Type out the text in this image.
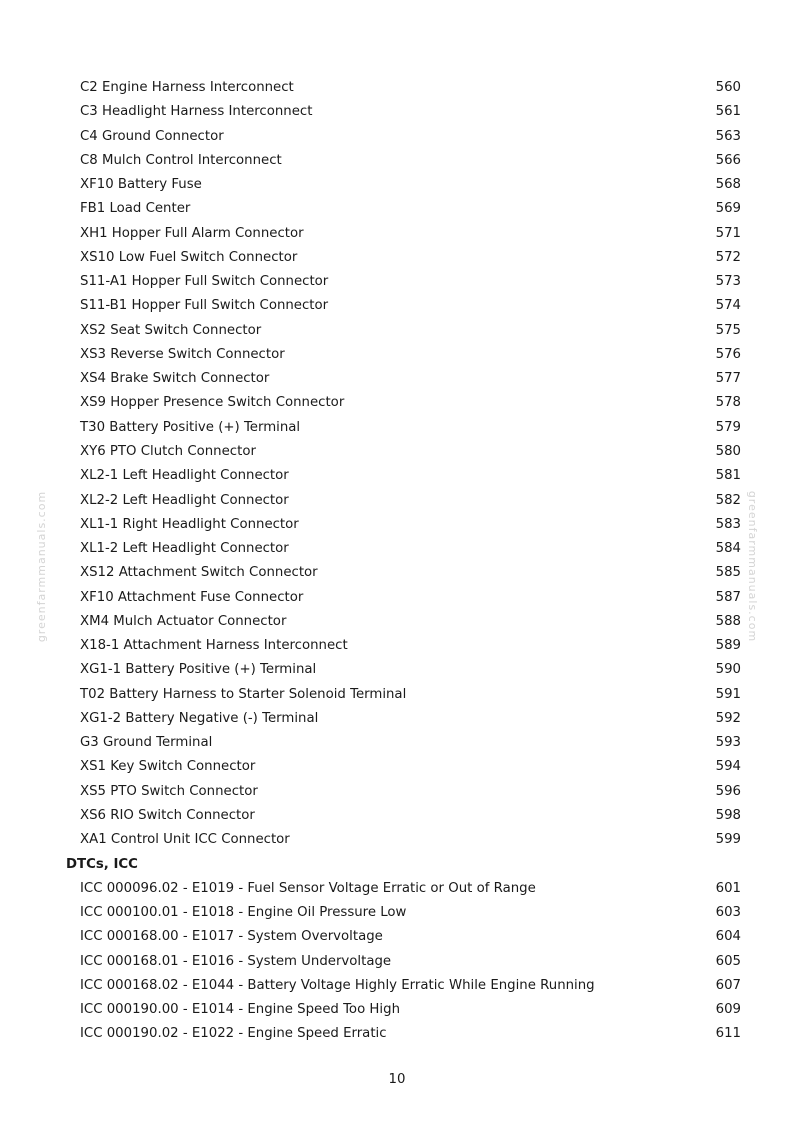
greenfarmmanuals.com	greenfarmmanuals.com
C2 Engine Harness Interconnect	560
C3 Headlight Harness Interconnect	561
C4 Ground Connector	563
C8 Mulch Control Interconnect	566
XF10 Battery Fuse	568
FB1 Load Center	569
XH1 Hopper Full Alarm Connector	571
XS10 Low Fuel Switch Connector	572
S11-A1 Hopper Full Switch Connector	573
S11-B1 Hopper Full Switch Connector	574
XS2 Seat Switch Connector	575
XS3 Reverse Switch Connector	576
XS4 Brake Switch Connector	577
XS9 Hopper Presence Switch Connector	578
T30 Battery Positive (+) Terminal	579
XY6 PTO Clutch Connector	580
XL2-1 Left Headlight Connector	581
XL2-2 Left Headlight Connector	582
XL1-1 Right Headlight Connector	583
XL1-2 Left Headlight Connector	584
XS12 Attachment Switch Connector	585
XF10 Attachment Fuse Connector	587
XM4 Mulch Actuator Connector	588
X18-1 Attachment Harness Interconnect	589
XG1-1 Battery Positive (+) Terminal	590
T02 Battery Harness to Starter Solenoid Terminal	591
XG1-2 Battery Negative (-) Terminal	592
G3 Ground Terminal	593
XS1 Key Switch Connector	594
XS5 PTO Switch Connector	596
XS6 RIO Switch Connector	598
XA1 Control Unit ICC Connector	599
DTCs, ICC
ICC 000096.02 - E1019 - Fuel Sensor Voltage Erratic or Out of Range	601
ICC 000100.01 - E1018 - Engine Oil Pressure Low	603
ICC 000168.00 - E1017 - System Overvoltage	604
ICC 000168.01 - E1016 - System Undervoltage	605
ICC 000168.02 - E1044 - Battery Voltage Highly Erratic While Engine Running	607
ICC 000190.00 - E1014 - Engine Speed Too High	609
ICC 000190.02 - E1022 - Engine Speed Erratic	611
10
